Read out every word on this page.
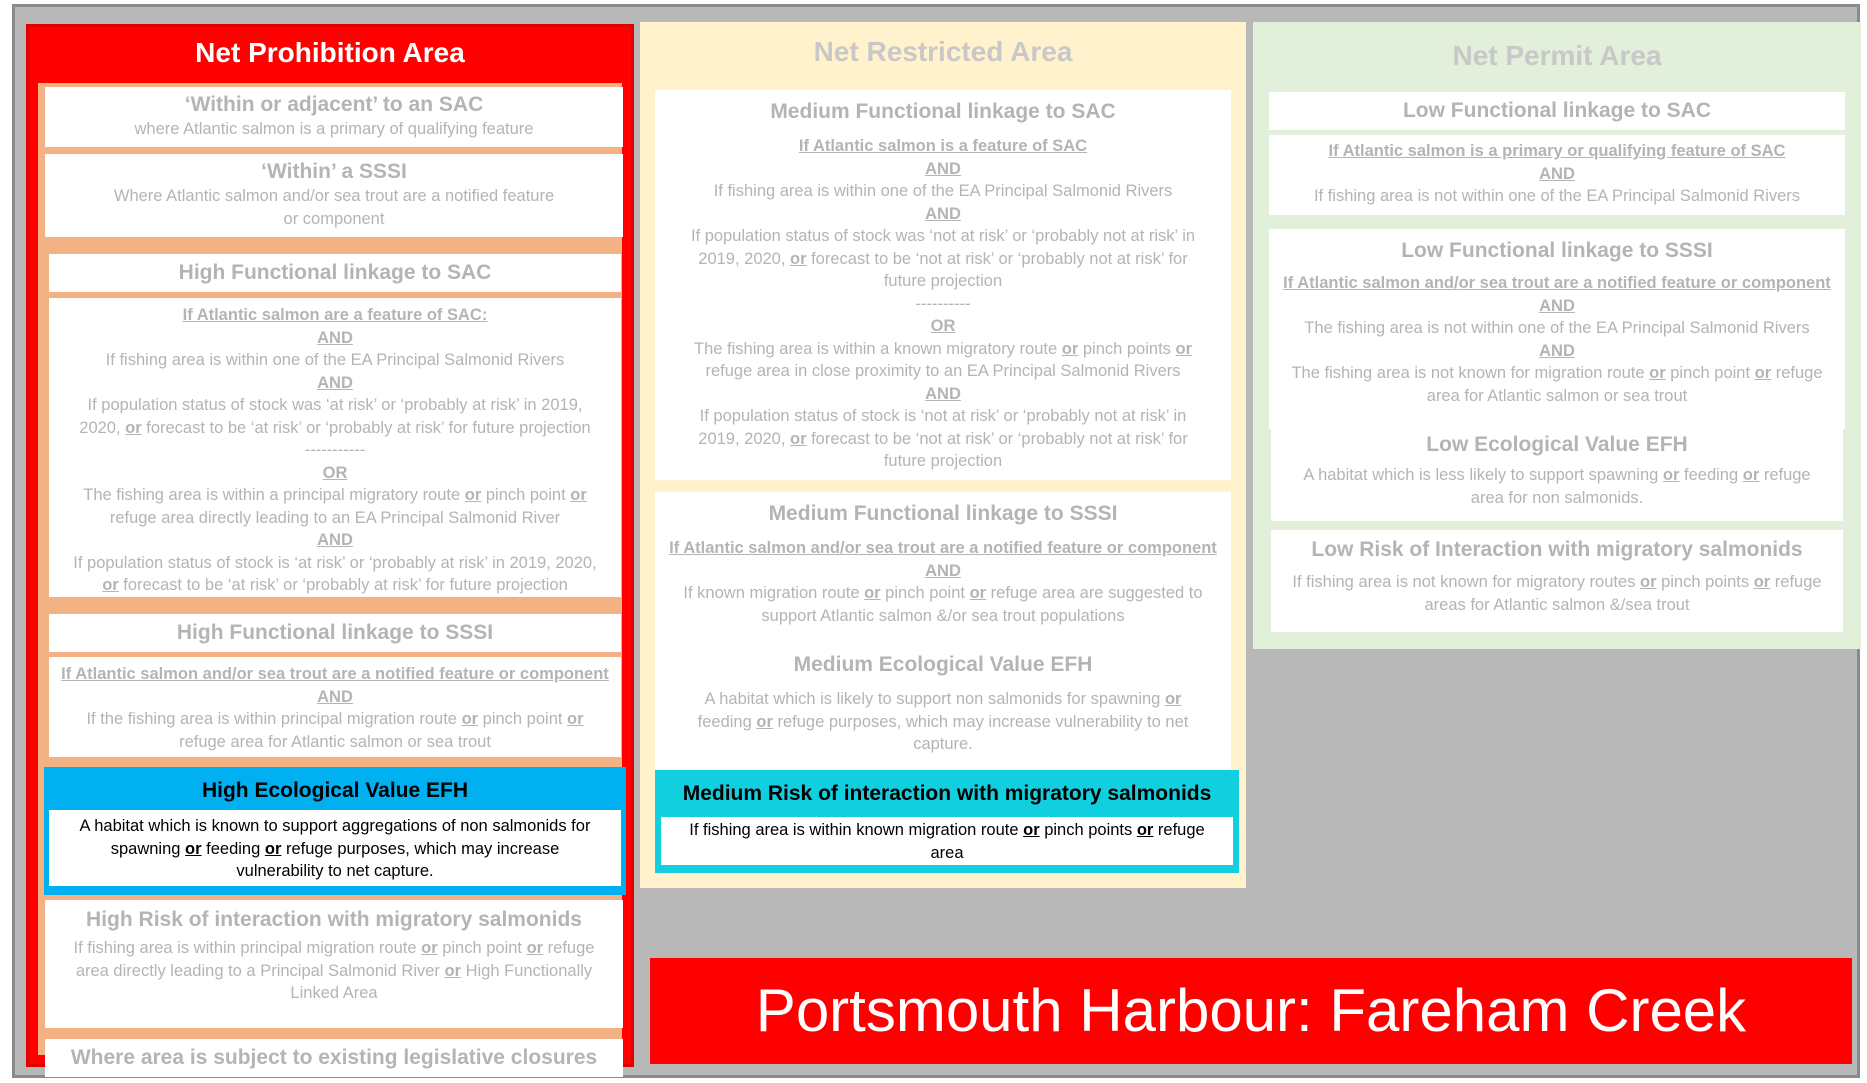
Net Prohibition Area
‘Within or adjacent’ to an SAC
where Atlantic salmon is a primary of qualifying feature
‘Within’ a SSSI
Where Atlantic salmon and/or sea trout are a notified feature or component
High Functional linkage to SAC
If Atlantic salmon are a feature of SAC:
AND
If fishing area is within one of the EA Principal Salmonid Rivers
AND
If population status of stock was ‘at risk’ or ‘probably at risk’ in 2019,
2020, or forecast to be ‘at risk’ or ‘probably at risk’ for future projection
-----------
OR
The fishing area is within a principal migratory route or pinch point or
refuge area directly leading to an EA Principal Salmonid River
AND
If population status of stock is ‘at risk’ or ‘probably at risk’ in 2019, 2020,
or forecast to be ‘at risk’ or ‘probably at risk’ for future projection
High Functional linkage to SSSI
If Atlantic salmon and/or sea trout are a notified feature or component
AND
If the fishing area is within principal migration route or pinch point or
refuge area for Atlantic salmon or sea trout
High Ecological Value EFH
A habitat which is known to support aggregations of non salmonids for
spawning or feeding or refuge purposes, which may increase
vulnerability to net capture.
High Risk of interaction with migratory salmonids
If fishing area is within principal migration route or pinch point or refuge
area directly leading to a Principal Salmonid River or High Functionally
Linked Area
Where area is subject to existing legislative closures
Net Restricted Area
Medium Functional linkage to SAC
If Atlantic salmon is a feature of SAC
AND
If fishing area is within one of the EA Principal Salmonid Rivers
AND
If population status of stock was ‘not at risk’ or ‘probably not at risk’ in
2019, 2020, or forecast to be ‘not at risk’ or ‘probably not at risk’ for
future projection
----------
OR
The fishing area is within a known migratory route or pinch points or
refuge area in close proximity to an EA Principal Salmonid Rivers
AND
If population status of stock is ‘not at risk’ or ‘probably not at risk’ in
2019, 2020, or forecast to be ‘not at risk’ or ‘probably not at risk’ for
future projection
Medium Functional linkage to SSSI
If Atlantic salmon and/or sea trout are a notified feature or component
AND
If known migration route or pinch point or refuge area are suggested to
support Atlantic salmon &/or sea trout populations
Medium Ecological Value EFH
A habitat which is likely to support non salmonids for spawning or
feeding or refuge purposes, which may increase vulnerability to net
capture.
Medium Risk of interaction with migratory salmonids
If fishing area is within known migration route or pinch points or refuge
area
Net Permit Area
Low Functional linkage to SAC
If Atlantic salmon is a primary or qualifying feature of SAC
AND
If fishing area is not within one of the EA Principal Salmonid Rivers
Low Functional linkage to SSSI
If Atlantic salmon and/or sea trout are a notified feature or component
AND
The fishing area is not within one of the EA Principal Salmonid Rivers
AND
The fishing area is not known for migration route or pinch point or refuge
area for Atlantic salmon or sea trout
Low Ecological Value EFH
A habitat which is less likely to support spawning or feeding or refuge
area for non salmonids.
Low Risk of Interaction with migratory salmonids
If fishing area is not known for migratory routes or pinch points or refuge
areas for Atlantic salmon &/sea trout
Portsmouth Harbour: Fareham Creek
